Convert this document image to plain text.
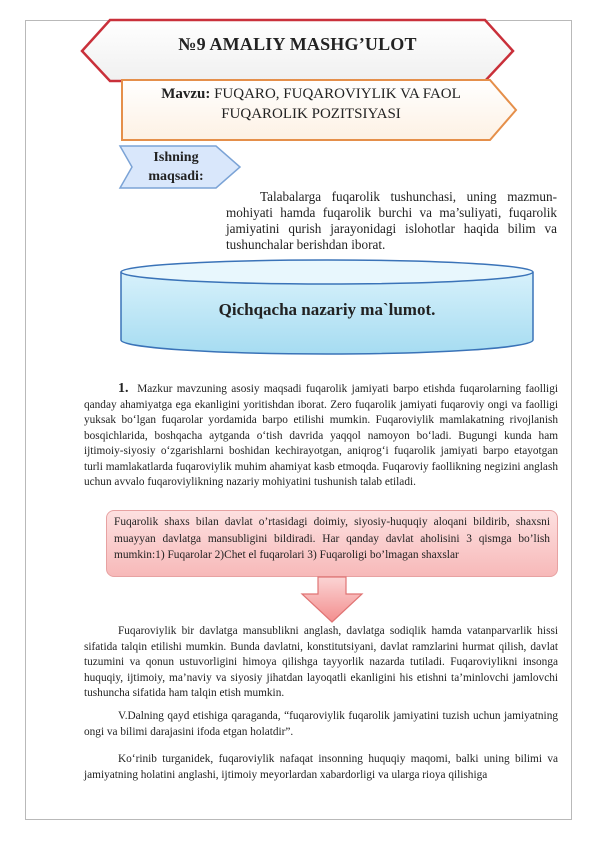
№9 AMALIY MASHG’ULOT
Mavzu: FUQARO, FUQAROVIYLIK VA FAOL FUQAROLIK POZITSIYASI
Ishning maqsadi:
Talabalarga fuqarolik tushunchasi, uning mazmun-mohiyati hamda fuqarolik burchi va ma’suliyati, fuqarolik jamiyatini qurish jarayonidagi islohotlar haqida bilim va tushunchalar berishdan iborat.
Qichqacha nazariy ma`lumot.

1. Mazkur mavzuning asosiy maqsadi fuqarolik jamiyati barpo etishda fuqarolarning faolligi qanday ahamiyatga ega ekanligini yoritishdan iborat. Zero fuqarolik jamiyati fuqaroviy ongi va faolligi yuksak bo‘lgan fuqarolar yordamida barpo etilishi mumkin. Fuqaroviylik mamlakatning rivojlanish bosqichlarida, boshqacha aytganda o‘tish davrida yaqqol namoyon bo‘ladi. Bugungi kunda ham ijtimoiy-siyosiy o‘zgarishlarni boshidan kechirayotgan, aniqrog‘i fuqarolik jamiyati barpo etayotgan turli mamlakatlarda fuqaroviylik muhim ahamiyat kasb etmoqda. Fuqaroviy faollikning negizini anglash uchun avvalo fuqaroviylikning nazariy mohiyatini tushunish talab etiladi.

Fuqarolik shaxs bilan davlat o’rtasidagi doimiy, siyosiy-huquqiy aloqani bildirib, shaxsni muayyan davlatga mansubligini bildiradi. Har qanday davlat aholisini 3 qismga bo’lish mumkin:1) Fuqarolar 2)Chet el fuqarolari 3) Fuqaroligi bo’lmagan shaxslar

Fuqaroviylik bir davlatga mansublikni anglash, davlatga sodiqlik hamda vatanparvarlik hissi sifatida talqin etilishi mumkin. Bunda davlatni, konstitutsiyani, davlat ramzlarini hurmat qilish, davlat tuzumini va qonun ustuvorligini himoya qilishga tayyorlik nazarda tutiladi. Fuqaroviylikni insonga huquqiy, ijtimoiy, ma’naviy va siyosiy jihatdan layoqatli ekanligini his etishni ta’minlovchi jamlovchi tushuncha sifatida ham talqin etish mumkin.

V.Dalning qayd etishiga qaraganda, “fuqaroviylik fuqarolik jamiyatini tuzish uchun jamiyatning ongi va bilimi darajasini ifoda etgan holatdir”.

Ko‘rinib turganidek, fuqaroviylik nafaqat insonning huquqiy maqomi, balki uning bilimi va jamiyatning holatini anglashi, ijtimoiy meyorlardan xabardorligi va ularga rioya qilishiga
